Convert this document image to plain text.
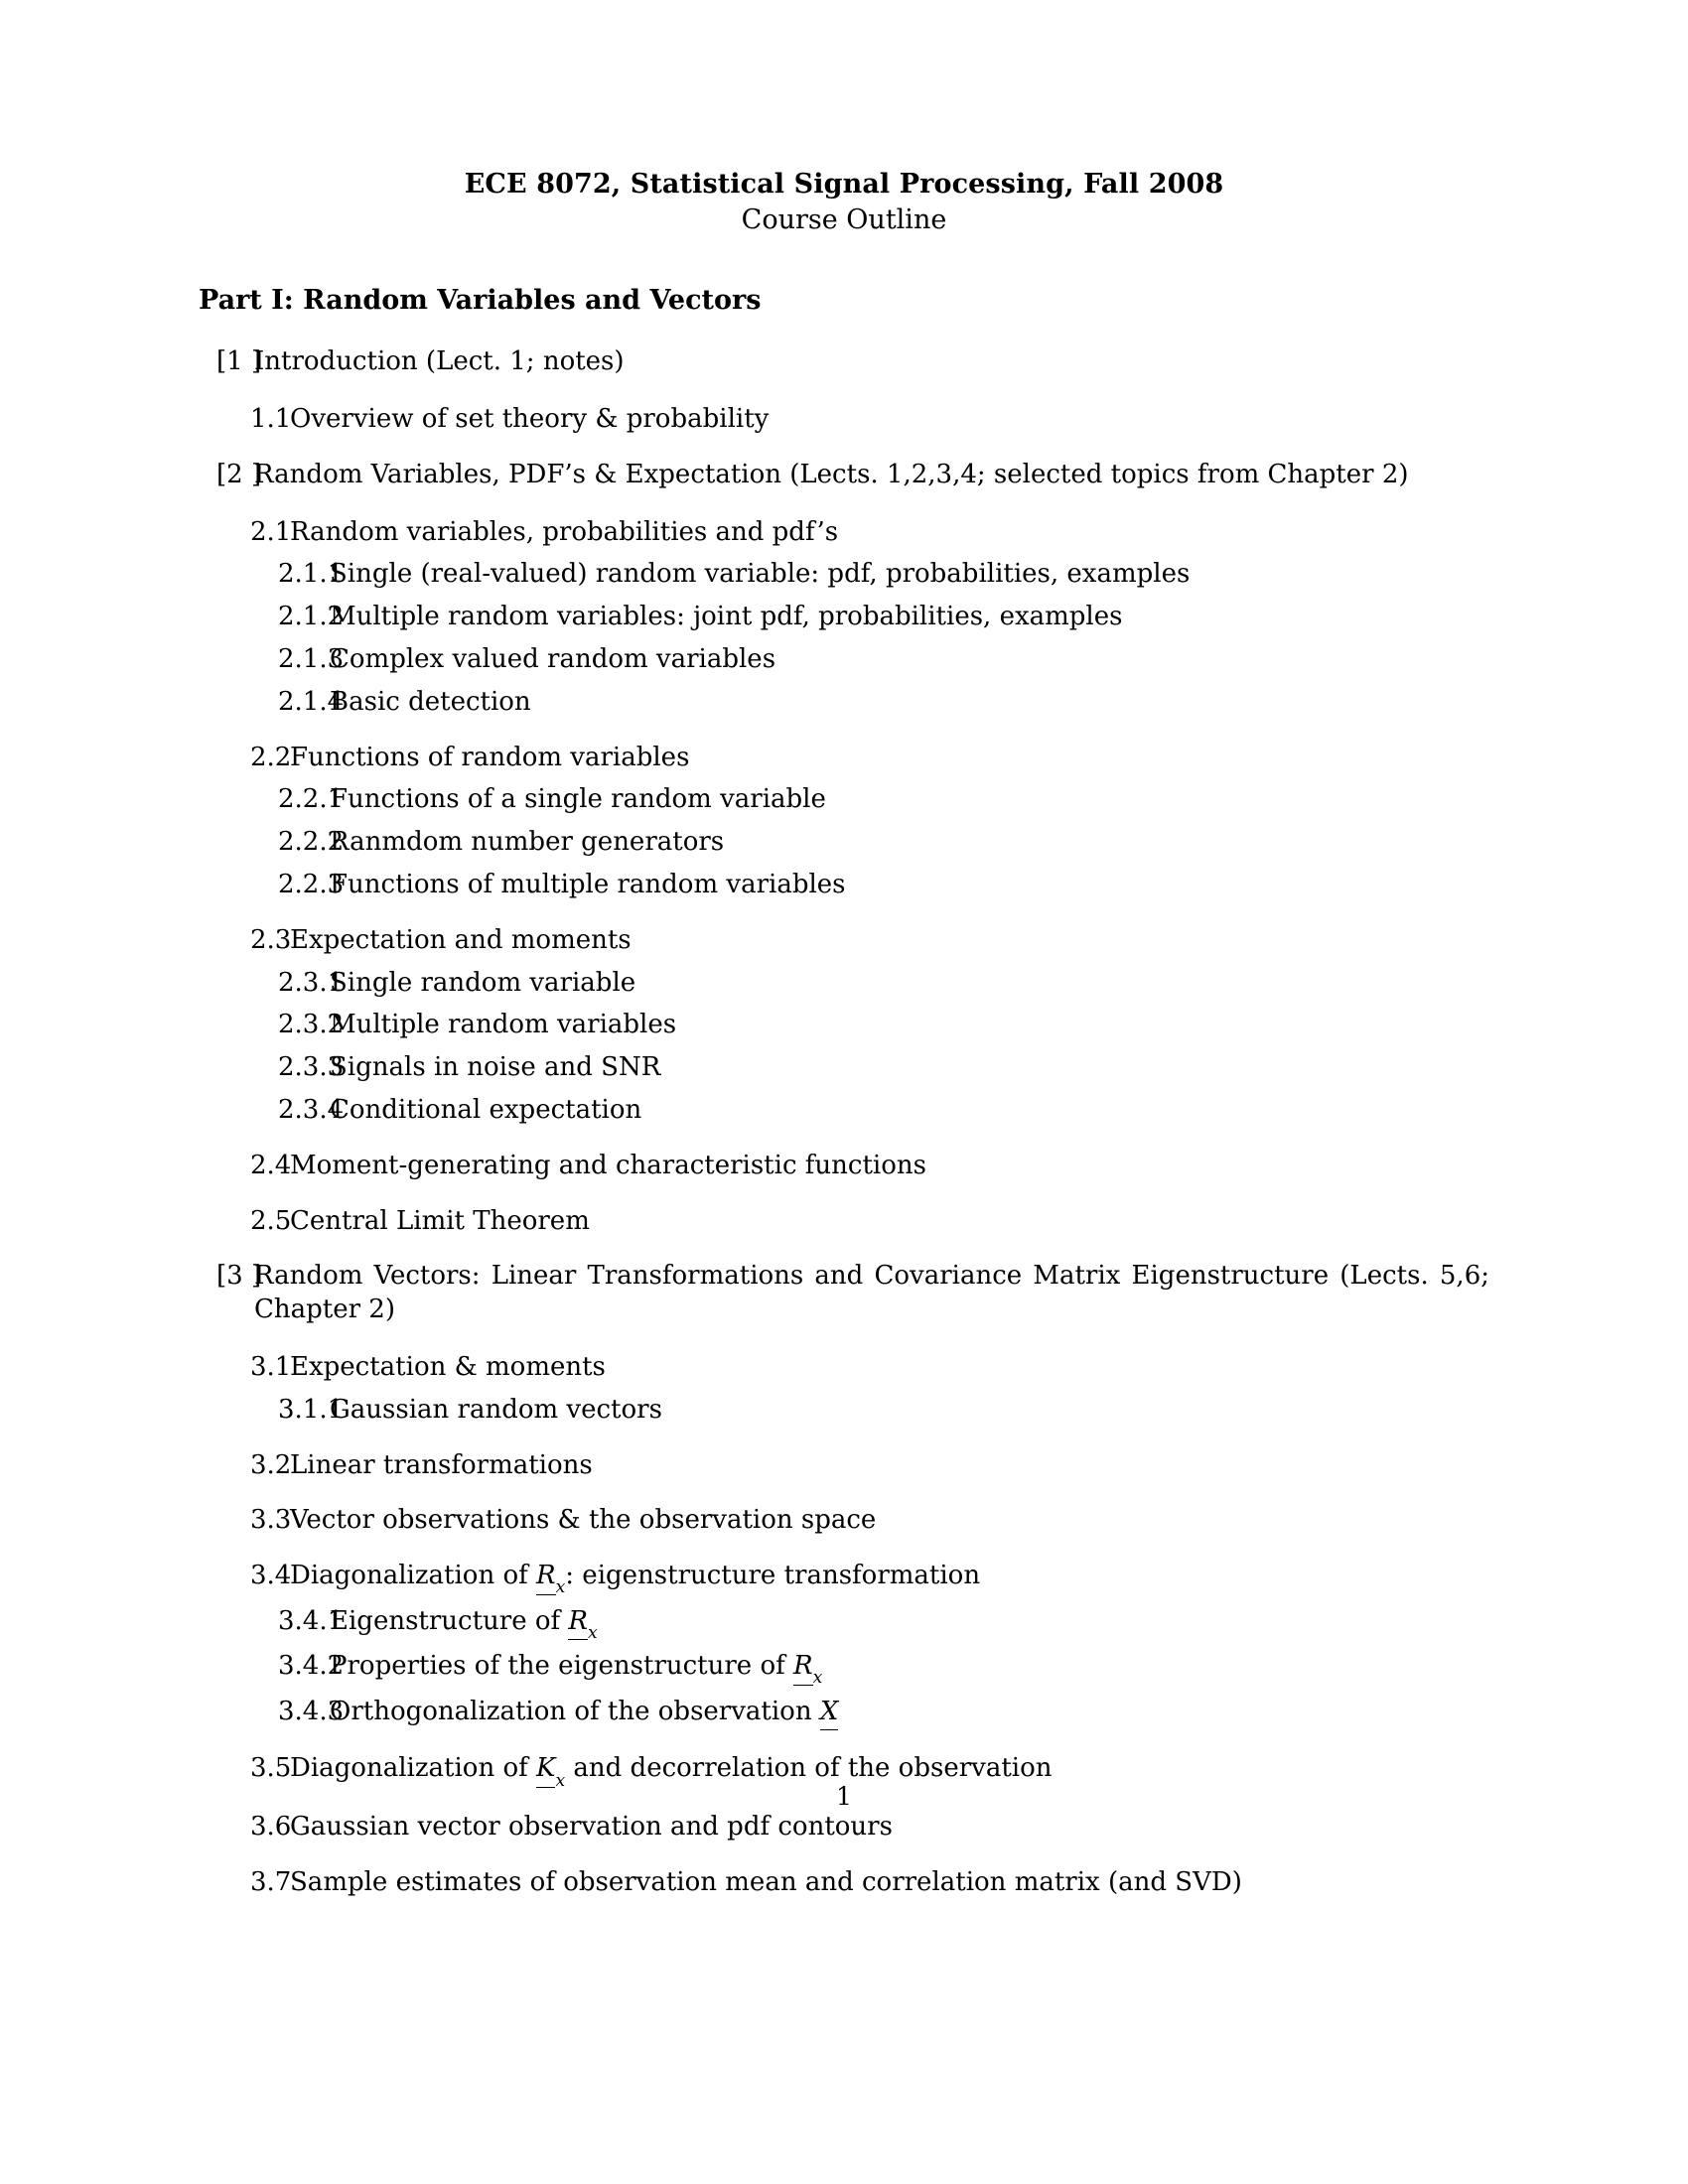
ECE 8072, Statistical Signal Processing, Fall 2008
Course Outline
Part I: Random Variables and Vectors
[1 ]
Introduction (Lect. 1; notes)
1.1
Overview of set theory & probability
[2 ]
Random Variables, PDF’s & Expectation (Lects. 1,2,3,4; selected topics from Chapter 2)
2.1
Random variables, probabilities and pdf’s
2.1.1
Single (real-valued) random variable: pdf, probabilities, examples
2.1.2
Multiple random variables: joint pdf, probabilities, examples
2.1.3
Complex valued random variables
2.1.4
Basic detection
2.2
Functions of random variables
2.2.1
Functions of a single random variable
2.2.2
Ranmdom number generators
2.2.3
Functions of multiple random variables
2.3
Expectation and moments
2.3.1
Single random variable
2.3.2
Multiple random variables
2.3.3
Signals in noise and SNR
2.3.4
Conditional expectation
2.4
Moment-generating and characteristic functions
2.5
Central Limit Theorem
[3 ]
Random Vectors: Linear Transformations and Covariance Matrix Eigenstructure (Lects. 5,6; Chapter 2)
3.1
Expectation & moments
3.1.1
Gaussian random vectors
3.2
Linear transformations
3.3
Vector observations & the observation space
3.4
Diagonalization of Rx: eigenstructure transformation
3.4.1
Eigenstructure of Rx
3.4.2
Properties of the eigenstructure of Rx
3.4.3
Orthogonalization of the observation X
3.5
Diagonalization of Kx and decorrelation of the observation
3.6
Gaussian vector observation and pdf contours
3.7
Sample estimates of observation mean and correlation matrix (and SVD)
1
